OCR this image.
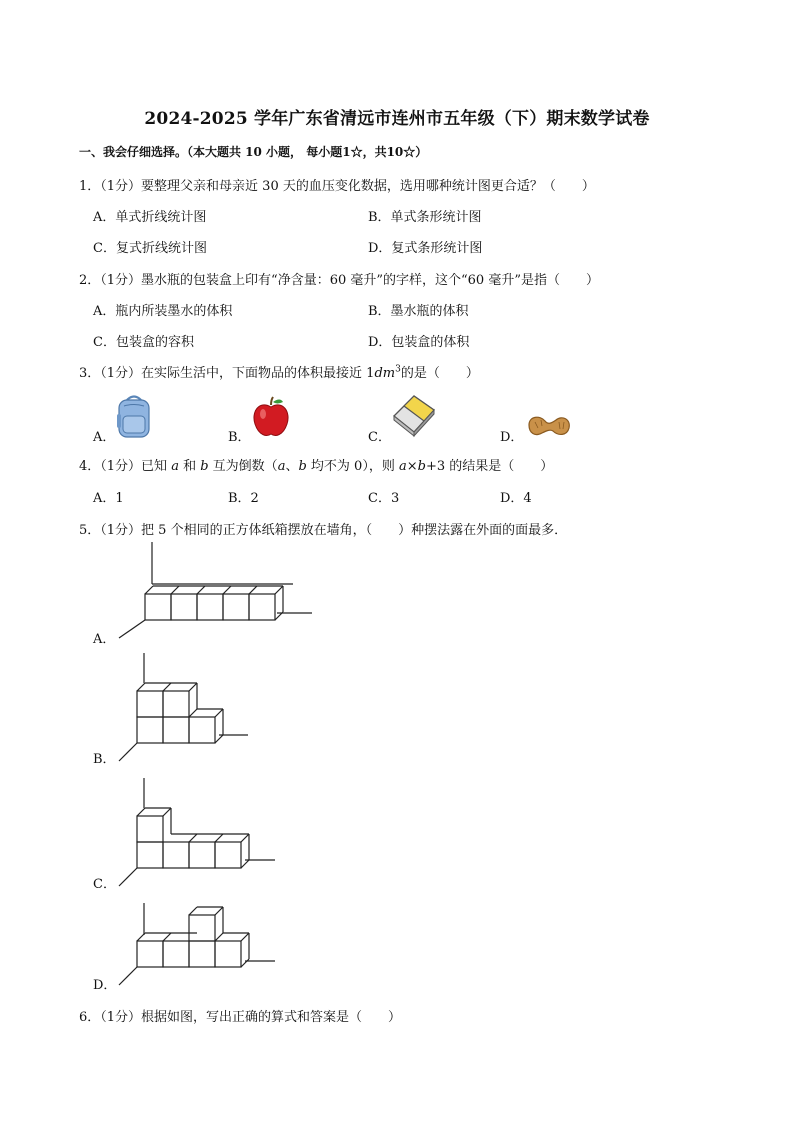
2024-2025 学年广东省清远市连州市五年级（下）期末数学试卷
一、我会仔细选择。（本大题共 10 小题， 每小题1☆，共10☆）
1．（1分）要整理父亲和母亲近 30 天的血压变化数据，选用哪种统计图更合适？（　　）
A．单式折线统计图	B．单式条形统计图
C．复式折线统计图	D．复式条形统计图
2．（1分）墨水瓶的包装盒上印有“净含量：60 毫升”的字样，这个“60 毫升”是指（　　）
A．瓶内所装墨水的体积	B．墨水瓶的体积
C．包装盒的容积	D．包装盒的体积
3．（1分）在实际生活中，下面物品的体积最接近 $1dm^3$的是（　　）
A．	B．	C．	D．
4．（1分）已知 a 和 b 互为倒数（a、b 均不为 0），则 a×b+3 的结果是（　　）
A．1	B．2	C．3	D．4
5．（1分）把 5 个相同的正方体纸箱摆放在墙角，（　　）种摆法露在外面的面最多．
A．
B．
C．
D．
6．（1分）根据如图，写出正确的算式和答案是（　　）
